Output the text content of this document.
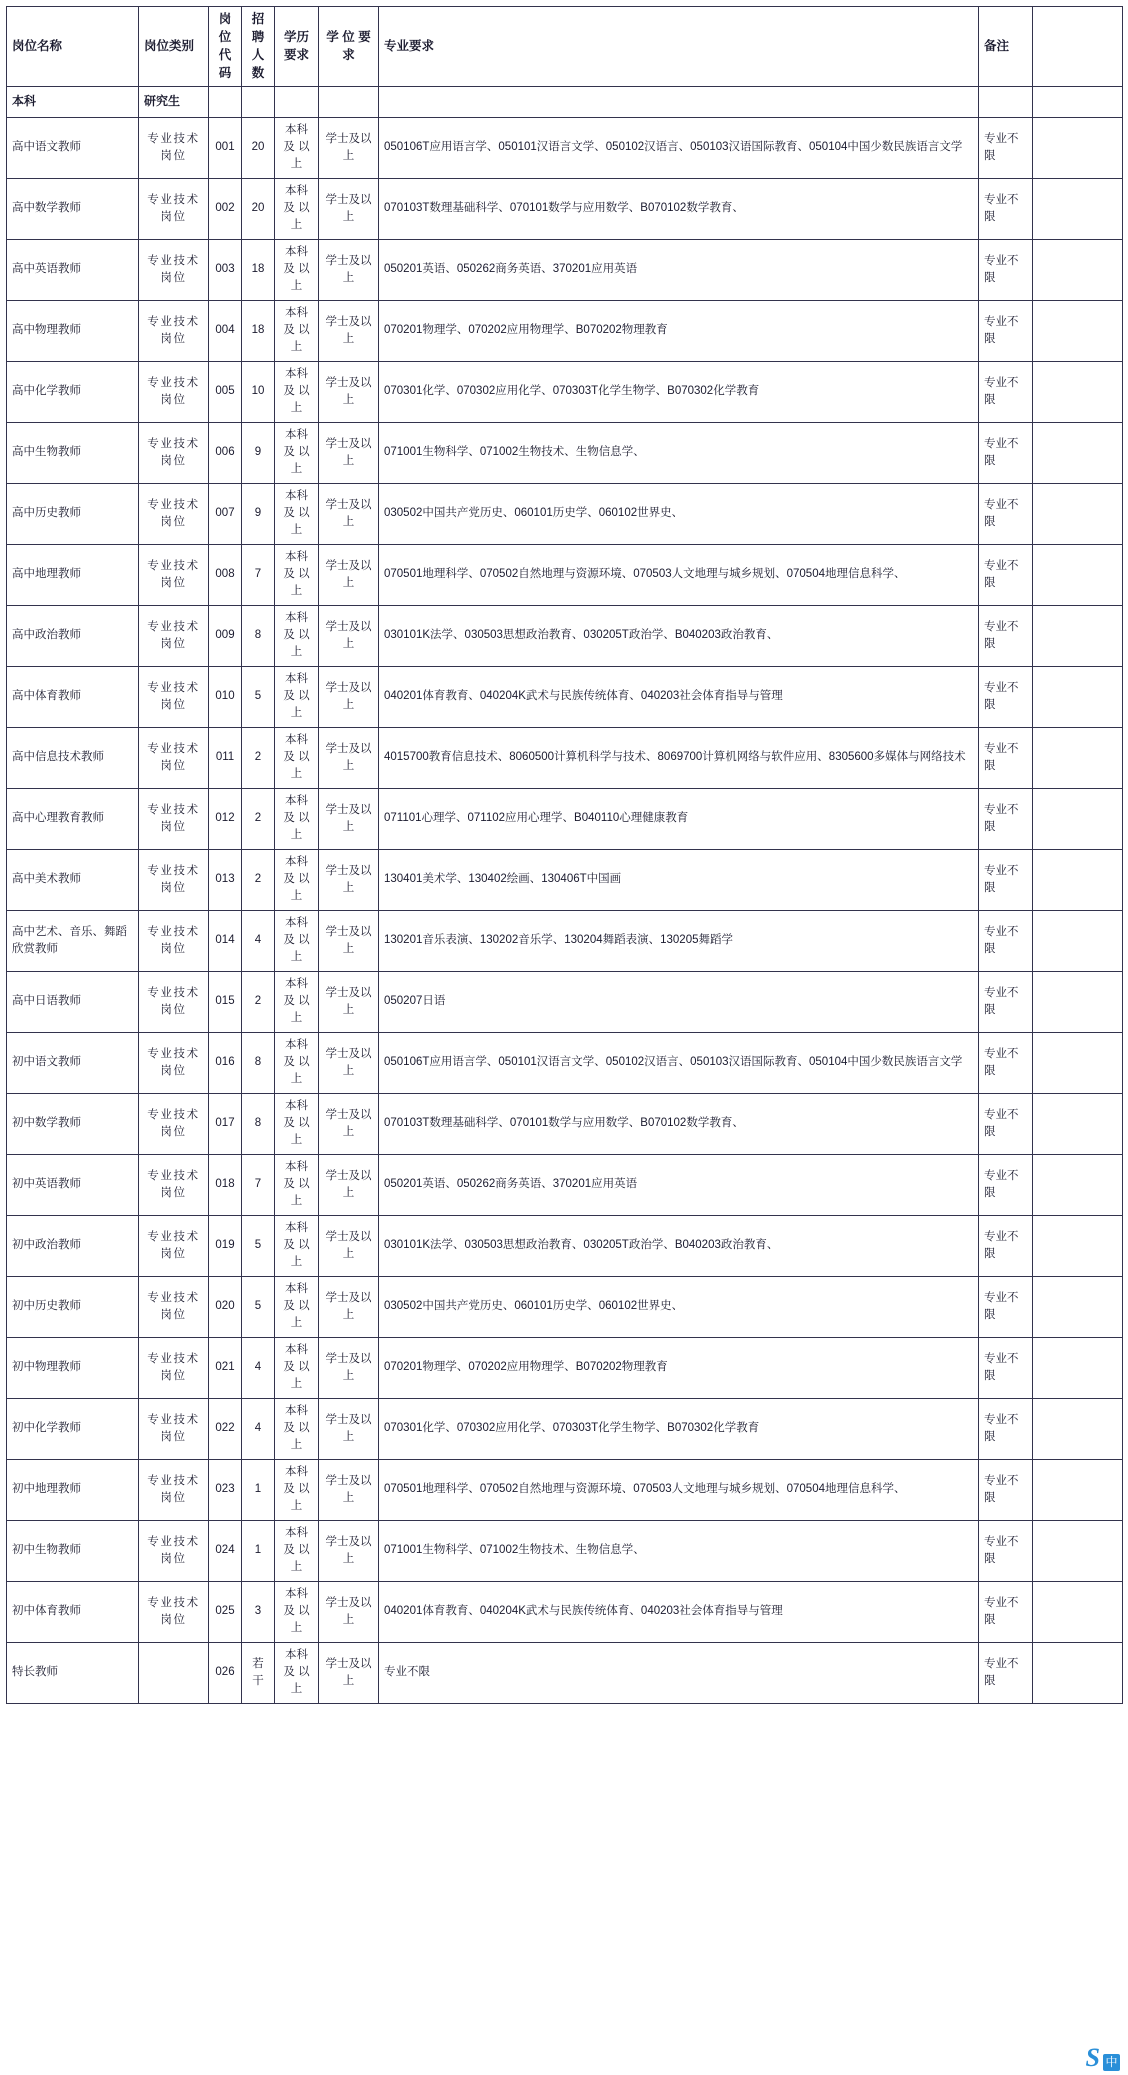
岗位名称	岗位类别	岗
位
代
码	招
聘
人
数	学历要求	学 位 要求	专业要求	备注	
本科	研究生							
高中语文教师	专业技术岗位	001	20	本科及 以上	学士及以上	050106T应用语言学、050101汉语言文学、050102汉语言、050103汉语国际教育、050104中国少数民族语言文学	专业不限	
高中数学教师	专业技术岗位	002	20	本科及 以上	学士及以上	070103T数理基础科学、070101数学与应用数学、B070102数学教育、	专业不限	
高中英语教师	专业技术岗位	003	18	本科及 以上	学士及以上	050201英语、050262商务英语、370201应用英语	专业不限	
高中物理教师	专业技术岗位	004	18	本科及 以上	学士及以上	070201物理学、070202应用物理学、B070202物理教育	专业不限	
高中化学教师	专业技术岗位	005	10	本科及 以上	学士及以上	070301化学、070302应用化学、070303T化学生物学、B070302化学教育	专业不限	
高中生物教师	专业技术岗位	006	9	本科及 以上	学士及以上	071001生物科学、071002生物技术、生物信息学、	专业不限	
高中历史教师	专业技术岗位	007	9	本科及 以上	学士及以上	030502中国共产党历史、060101历史学、060102世界史、	专业不限	
高中地理教师	专业技术岗位	008	7	本科及 以上	学士及以上	070501地理科学、070502自然地理与资源环境、070503人文地理与城乡规划、070504地理信息科学、	专业不限	
高中政治教师	专业技术岗位	009	8	本科及 以上	学士及以上	030101K法学、030503思想政治教育、030205T政治学、B040203政治教育、	专业不限	
高中体育教师	专业技术岗位	010	5	本科及 以上	学士及以上	040201体育教育、040204K武术与民族传统体育、040203社会体育指导与管理	专业不限	
高中信息技术教师	专业技术岗位	011	2	本科及 以上	学士及以上	4015700教育信息技术、8060500计算机科学与技术、8069700计算机网络与软件应用、8305600多媒体与网络技术	专业不限	
高中心理教育教师	专业技术岗位	012	2	本科及 以上	学士及以上	071101心理学、071102应用心理学、B040110心理健康教育	专业不限	
高中美术教师	专业技术岗位	013	2	本科及 以上	学士及以上	130401美术学、130402绘画、130406T中国画	专业不限	
高中艺术、音乐、舞蹈欣赏教师	专业技术岗位	014	4	本科及 以上	学士及以上	130201音乐表演、130202音乐学、130204舞蹈表演、130205舞蹈学	专业不限	
高中日语教师	专业技术岗位	015	2	本科及 以上	学士及以上	050207日语	专业不限	
初中语文教师	专业技术岗位	016	8	本科及 以上	学士及以上	050106T应用语言学、050101汉语言文学、050102汉语言、050103汉语国际教育、050104中国少数民族语言文学	专业不限	
初中数学教师	专业技术岗位	017	8	本科及 以上	学士及以上	070103T数理基础科学、070101数学与应用数学、B070102数学教育、	专业不限	
初中英语教师	专业技术岗位	018	7	本科及 以上	学士及以上	050201英语、050262商务英语、370201应用英语	专业不限	
初中政治教师	专业技术岗位	019	5	本科及 以上	学士及以上	030101K法学、030503思想政治教育、030205T政治学、B040203政治教育、	专业不限	
初中历史教师	专业技术岗位	020	5	本科及 以上	学士及以上	030502中国共产党历史、060101历史学、060102世界史、	专业不限	
初中物理教师	专业技术岗位	021	4	本科及 以上	学士及以上	070201物理学、070202应用物理学、B070202物理教育	专业不限	
初中化学教师	专业技术岗位	022	4	本科及 以上	学士及以上	070301化学、070302应用化学、070303T化学生物学、B070302化学教育	专业不限	
初中地理教师	专业技术岗位	023	1	本科及 以上	学士及以上	070501地理科学、070502自然地理与资源环境、070503人文地理与城乡规划、070504地理信息科学、	专业不限	
初中生物教师	专业技术岗位	024	1	本科及 以上	学士及以上	071001生物科学、071002生物技术、生物信息学、	专业不限	
初中体育教师	专业技术岗位	025	3	本科及 以上	学士及以上	040201体育教育、040204K武术与民族传统体育、040203社会体育指导与管理	专业不限	
特长教师		026	若干	本科及 以上	学士及以上	专业不限	专业不限	
S 中
